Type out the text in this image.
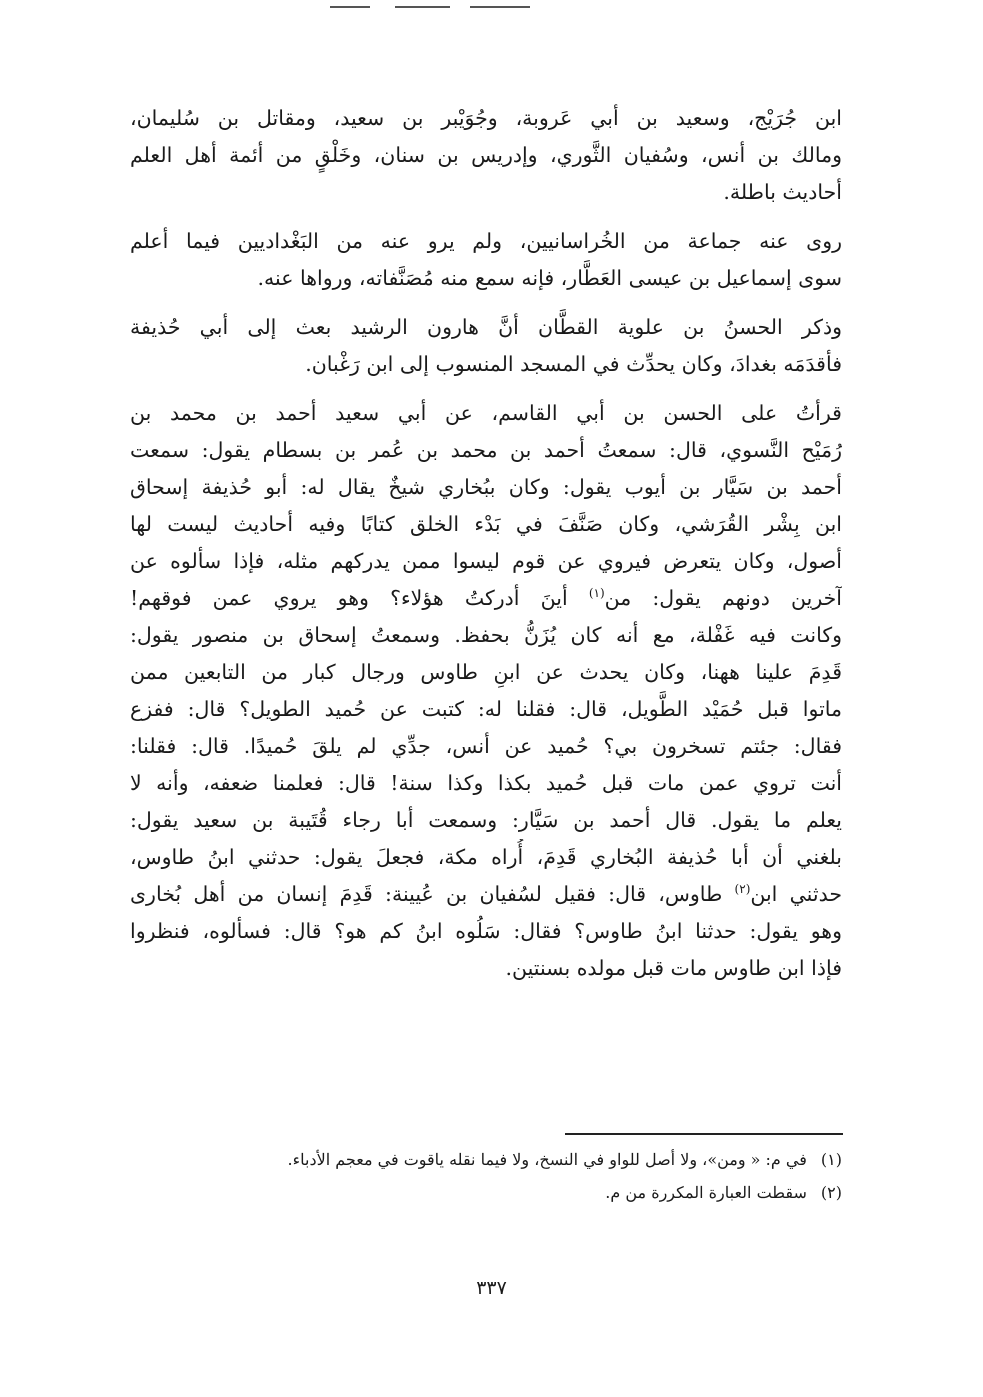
ابن جُرَيْج، وسعيد بن أبي عَروبة، وجُوَيْبر بن سعيد، ومقاتل بن سُليمان،
ومالك بن أنس، وسُفيان الثَّوري، وإدريس بن سنان، وخَلْقٍ من أئمة أهل العلم
أحاديث باطلة.
روى عنه جماعة من الخُراسانيين، ولم يرو عنه من البَغْداديين فيما أعلم
سوى إسماعيل بن عيسى العَطَّار، فإنه سمع منه مُصَنَّفاته، ورواها عنه.
وذكر الحسنُ بن علوية القطَّان أنَّ هارون الرشيد بعث إلى أبي حُذيفة
فأقدَمَه بغدادَ، وكان يحدِّث في المسجد المنسوب إلى ابن رَغْبان.
قرأتُ على الحسن بن أبي القاسم، عن أبي سعيد أحمد بن محمد بن
رُمَيْح النَّسوي، قال: سمعتُ أحمد بن محمد بن عُمر بن بسطام يقول: سمعت
أحمد بن سَيَّار بن أيوب يقول: وكان ببُخاري شيخٌ يقال له: أبو حُذيفة إسحاق
ابن بِشْر القُرَشي، وكان صَنَّفَ في بَدْء الخلق كتابًا وفيه أحاديث ليست لها
أصول، وكان يتعرض فيروي عن قوم ليسوا ممن يدركهم مثله، فإذا سألوه عن
آخرين دونهم يقول: من$^{(١)}$ أينَ أدركتُ هؤلاء؟ وهو يروي عمن فوقهم!
وكانت فيه غَفْلة، مع أنه كان يُزَنُّ بحفظ. وسمعتُ إسحاق بن منصور يقول:
قَدِمَ علينا ههنا، وكان يحدث عن ابنِ طاوس ورجال كبار من التابعين ممن
ماتوا قبل حُمَيْد الطَّويل، قال: فقلنا له: كتبت عن حُميد الطويل؟ قال: ففزع
فقال: جئتم تسخرون بي؟ حُميد عن أنس، جدِّي لم يلقَ حُميدًا. قال: فقلنا:
أنت تروي عمن مات قبل حُميد بكذا وكذا سنة! قال: فعلمنا ضعفه، وأنه لا
يعلم ما يقول. قال أحمد بن سَيَّار: وسمعت أبا رجاء قُتَيبة بن سعيد يقول:
بلغني أن أبا حُذيفة البُخاري قَدِمَ، أُراه مكة، فجعلَ يقول: حدثني ابنُ طاوس،
حدثني ابن$^{(٢)}$ طاوس، قال: فقيل لسُفيان بن عُيينة: قَدِمَ إنسان من أهل بُخارى
وهو يقول: حدثنا ابنُ طاوس؟ فقال: سَلُوه ابنُ كم هو؟ قال: فسألوه، فنظروا
فإذا ابن طاوس مات قبل مولده بسنتين.
(١)في م: « ومن»، ولا أصل للواو في النسخ، ولا فيما نقله ياقوت في معجم الأدباء.
(٢)سقطت العبارة المكررة من م.
٣٣٧
